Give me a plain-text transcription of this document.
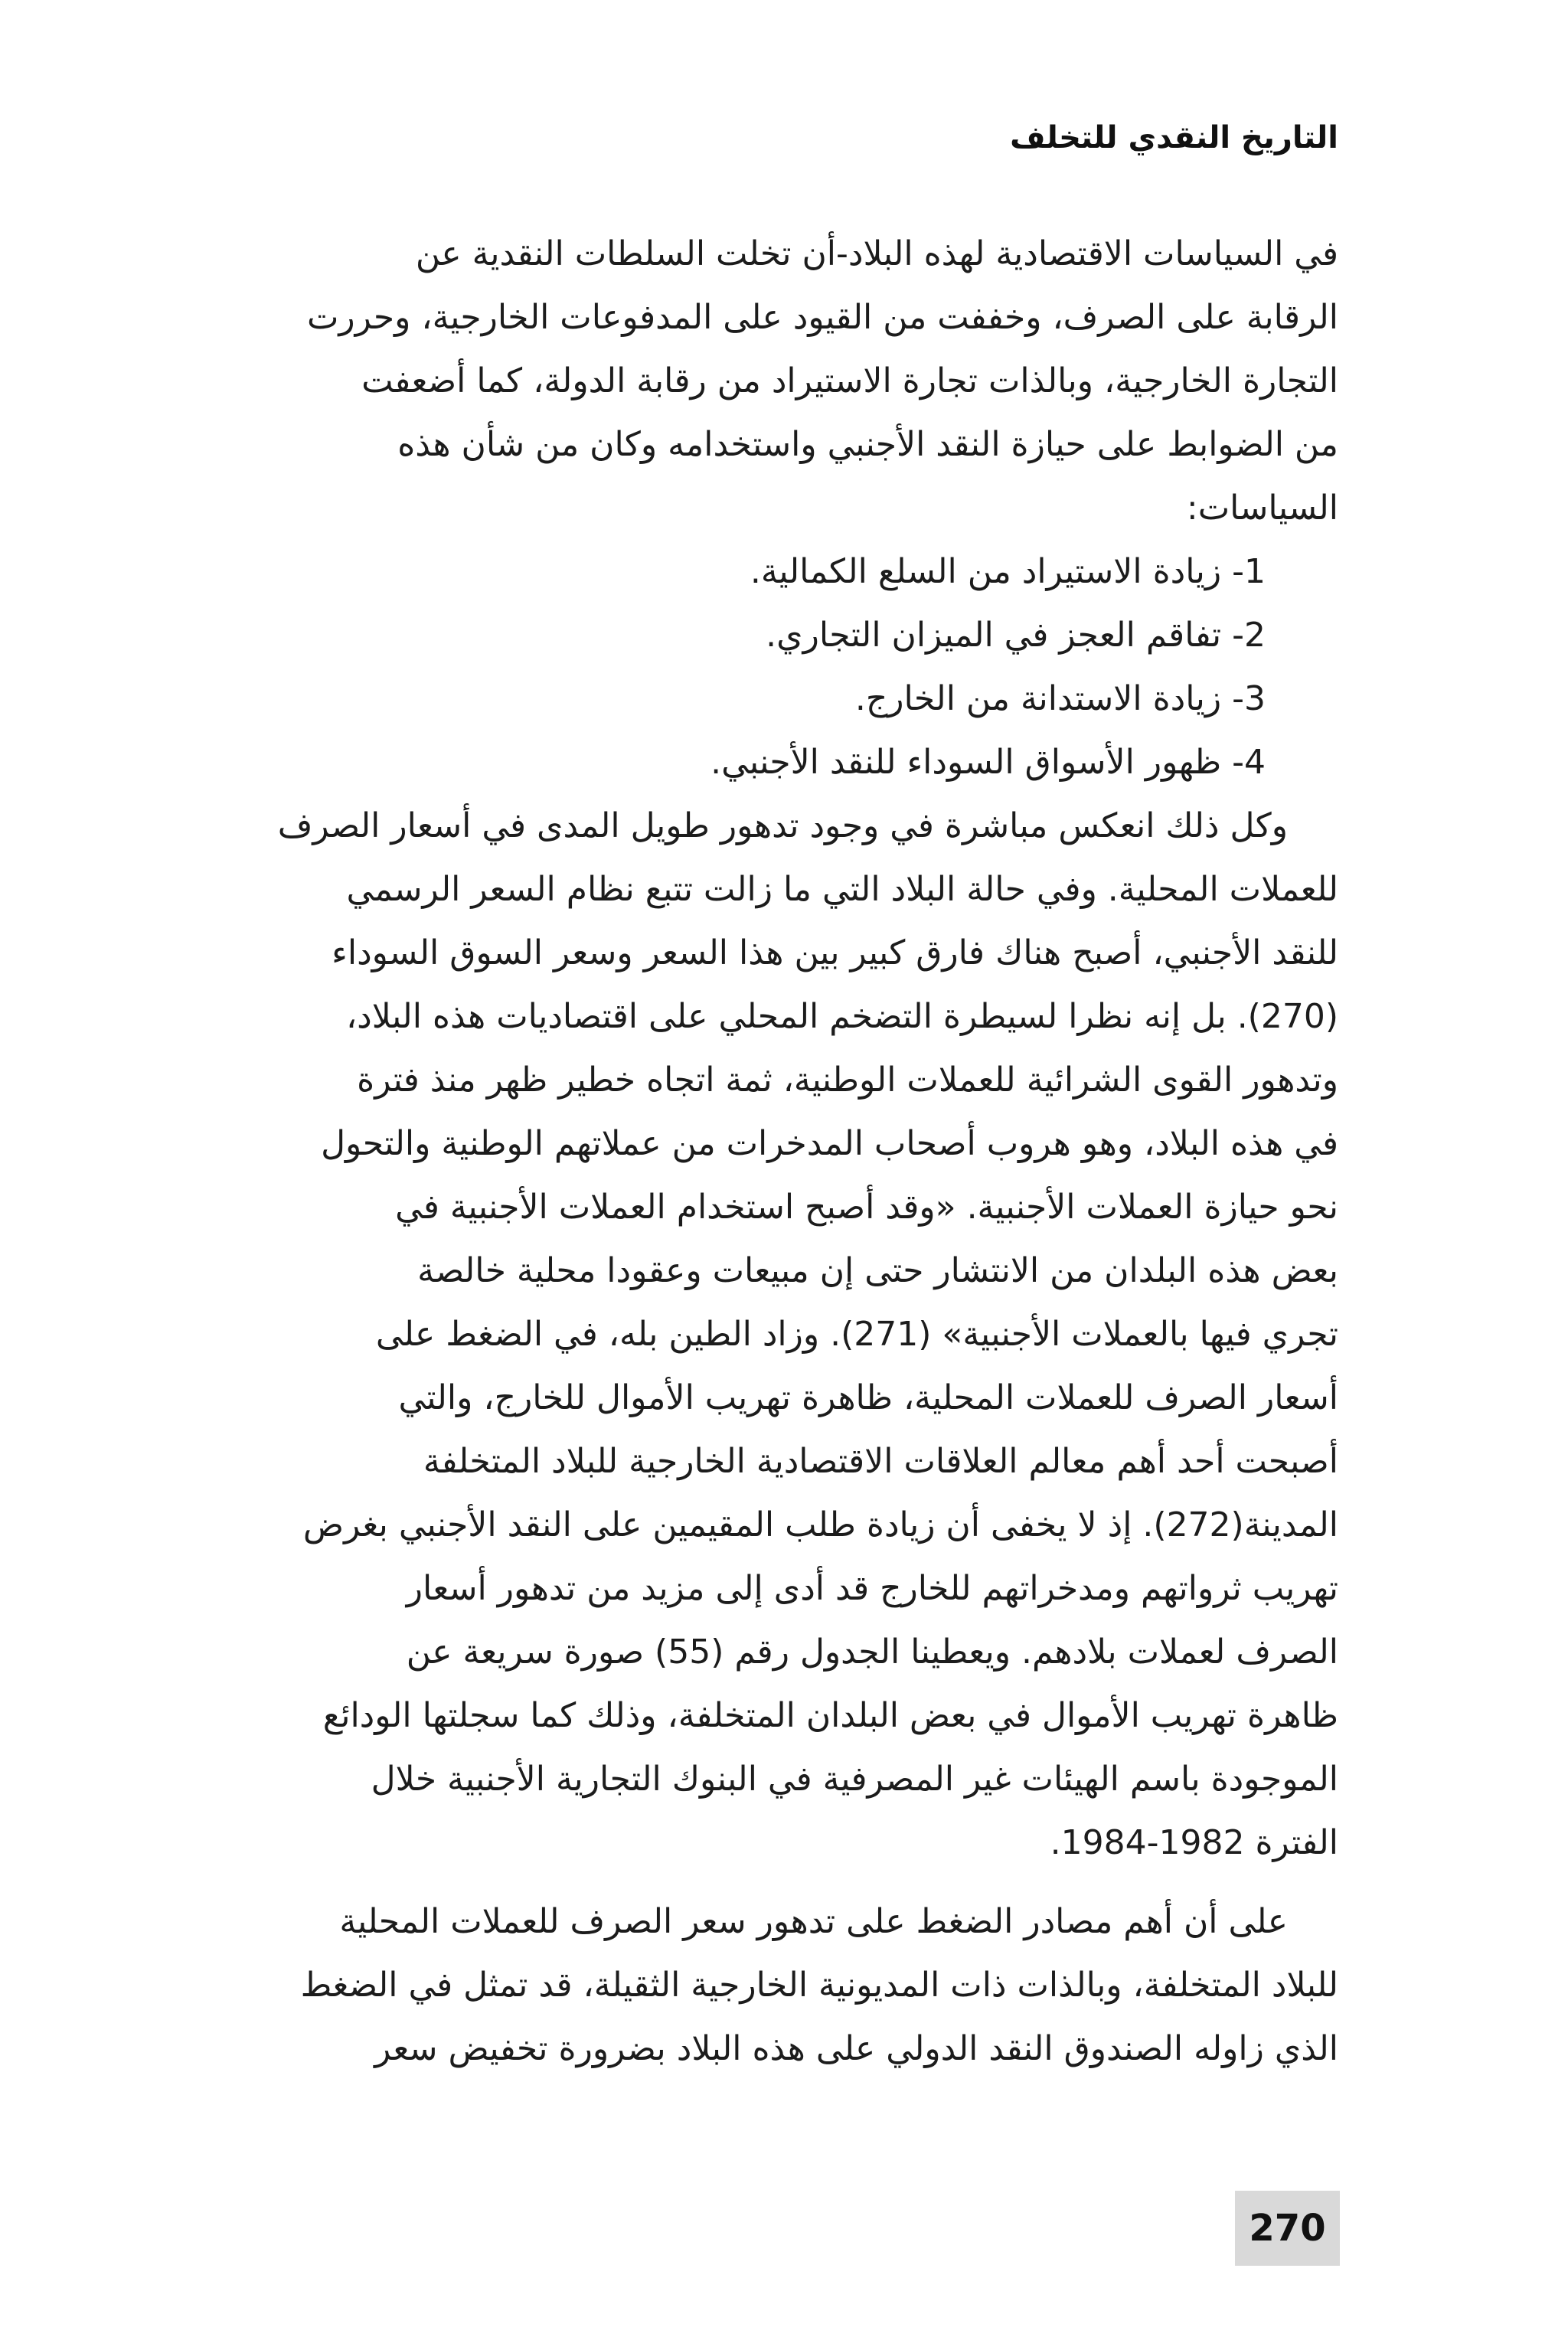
التاريخ النقدي للتخلف
في السياسات الاقتصادية لهذه البلاد-أن تخلت السلطات النقدية عن
الرقابة على الصرف، وخففت من القيود على المدفوعات الخارجية، وحررت
التجارة الخارجية، وبالذات تجارة الاستيراد من رقابة الدولة، كما أضعفت
من الضوابط على حيازة النقد الأجنبي واستخدامه وكان من شأن هذه
السياسات:
1- زيادة الاستيراد من السلع الكمالية.
2- تفاقم العجز في الميزان التجاري.
3- زيادة الاستدانة من الخارج.
4- ظهور الأسواق السوداء للنقد الأجنبي.
وكل ذلك انعكس مباشرة في وجود تدهور طويل المدى في أسعار الصرف
للعملات المحلية. وفي حالة البلاد التي ما زالت تتبع نظام السعر الرسمي
للنقد الأجنبي، أصبح هناك فارق كبير بين هذا السعر وسعر السوق السوداء
(270). بل إنه نظرا لسيطرة التضخم المحلي على اقتصاديات هذه البلاد،
وتدهور القوى الشرائية للعملات الوطنية، ثمة اتجاه خطير ظهر منذ فترة
في هذه البلاد، وهو هروب أصحاب المدخرات من عملاتهم الوطنية والتحول
نحو حيازة العملات الأجنبية. «وقد أصبح استخدام العملات الأجنبية في
بعض هذه البلدان من الانتشار حتى إن مبيعات وعقودا محلية خالصة
تجري فيها بالعملات الأجنبية» (271). وزاد الطين بله، في الضغط على
أسعار الصرف للعملات المحلية، ظاهرة تهريب الأموال للخارج، والتي
أصبحت أحد أهم معالم العلاقات الاقتصادية الخارجية للبلاد المتخلفة
المدينة(272). إذ لا يخفى أن زيادة طلب المقيمين على النقد الأجنبي بغرض
تهريب ثرواتهم ومدخراتهم للخارج قد أدى إلى مزيد من تدهور أسعار
الصرف لعملات بلادهم. ويعطينا الجدول رقم (55) صورة سريعة عن
ظاهرة تهريب الأموال في بعض البلدان المتخلفة، وذلك كما سجلتها الودائع
الموجودة باسم الهيئات غير المصرفية في البنوك التجارية الأجنبية خلال
الفترة 1982-1984.
على أن أهم مصادر الضغط على تدهور سعر الصرف للعملات المحلية
للبلاد المتخلفة، وبالذات ذات المديونية الخارجية الثقيلة، قد تمثل في الضغط
الذي زاوله الصندوق النقد الدولي على هذه البلاد بضرورة تخفيض سعر
270
